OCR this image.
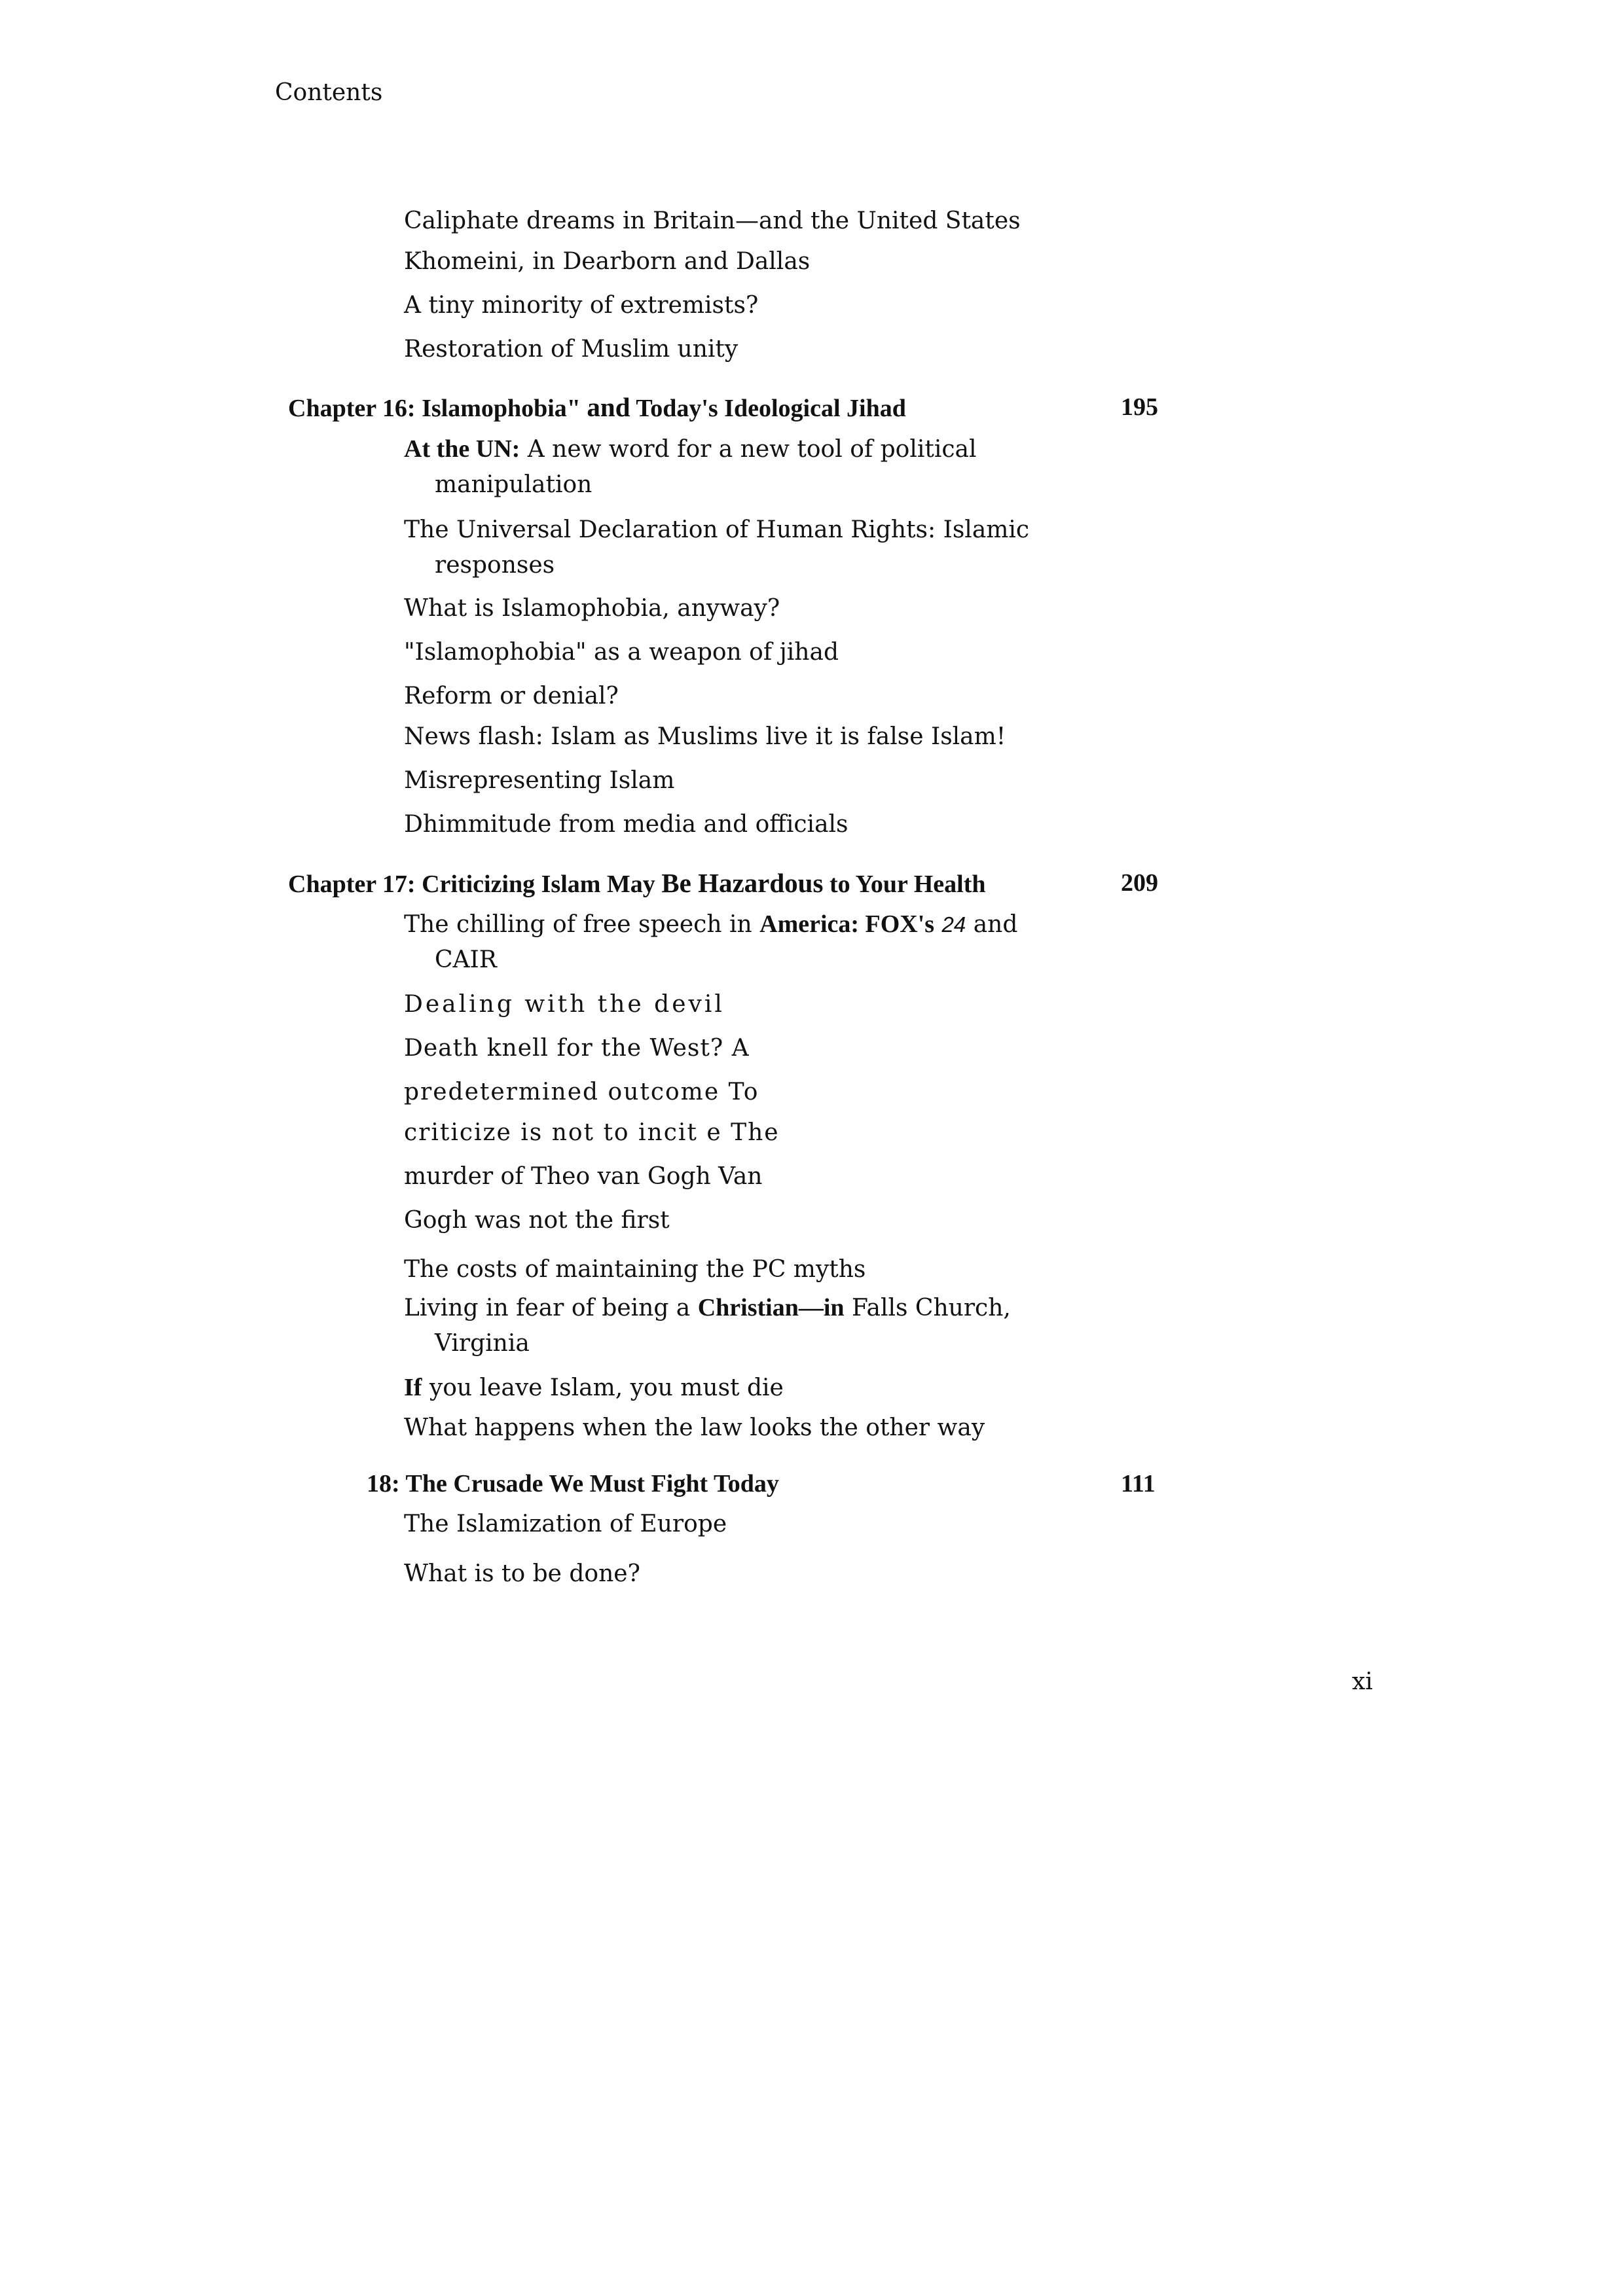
Contents
Caliphate dreams in Britain—and the United States
Khomeini, in Dearborn and Dallas
A tiny minority of extremists?
Restoration of Muslim unity
Chapter 16: Islamophobia" and Today's Ideological Jihad	195
At the UN: A new word for a new tool of political
manipulation
The Universal Declaration of Human Rights: Islamic
responses
What is Islamophobia, anyway?
"Islamophobia" as a weapon of jihad
Reform or denial?
News flash: Islam as Muslims live it is false Islam!
Misrepresenting Islam
Dhimmitude from media and officials
Chapter 17: Criticizing Islam May Be Hazardous to Your Health	209
The chilling of free speech in America: FOX's 24 and
CAIR
Dealing with the devil
Death knell for the West? A
predetermined outcome To
criticize is not to incit e The
murder of Theo van Gogh Van
Gogh was not the first
The costs of maintaining the PC myths
Living in fear of being a Christian—in Falls Church,
Virginia
If you leave Islam, you must die
What happens when the law looks the other way
18: The Crusade We Must Fight Today	111
The Islamization of Europe
What is to be done?
xi
